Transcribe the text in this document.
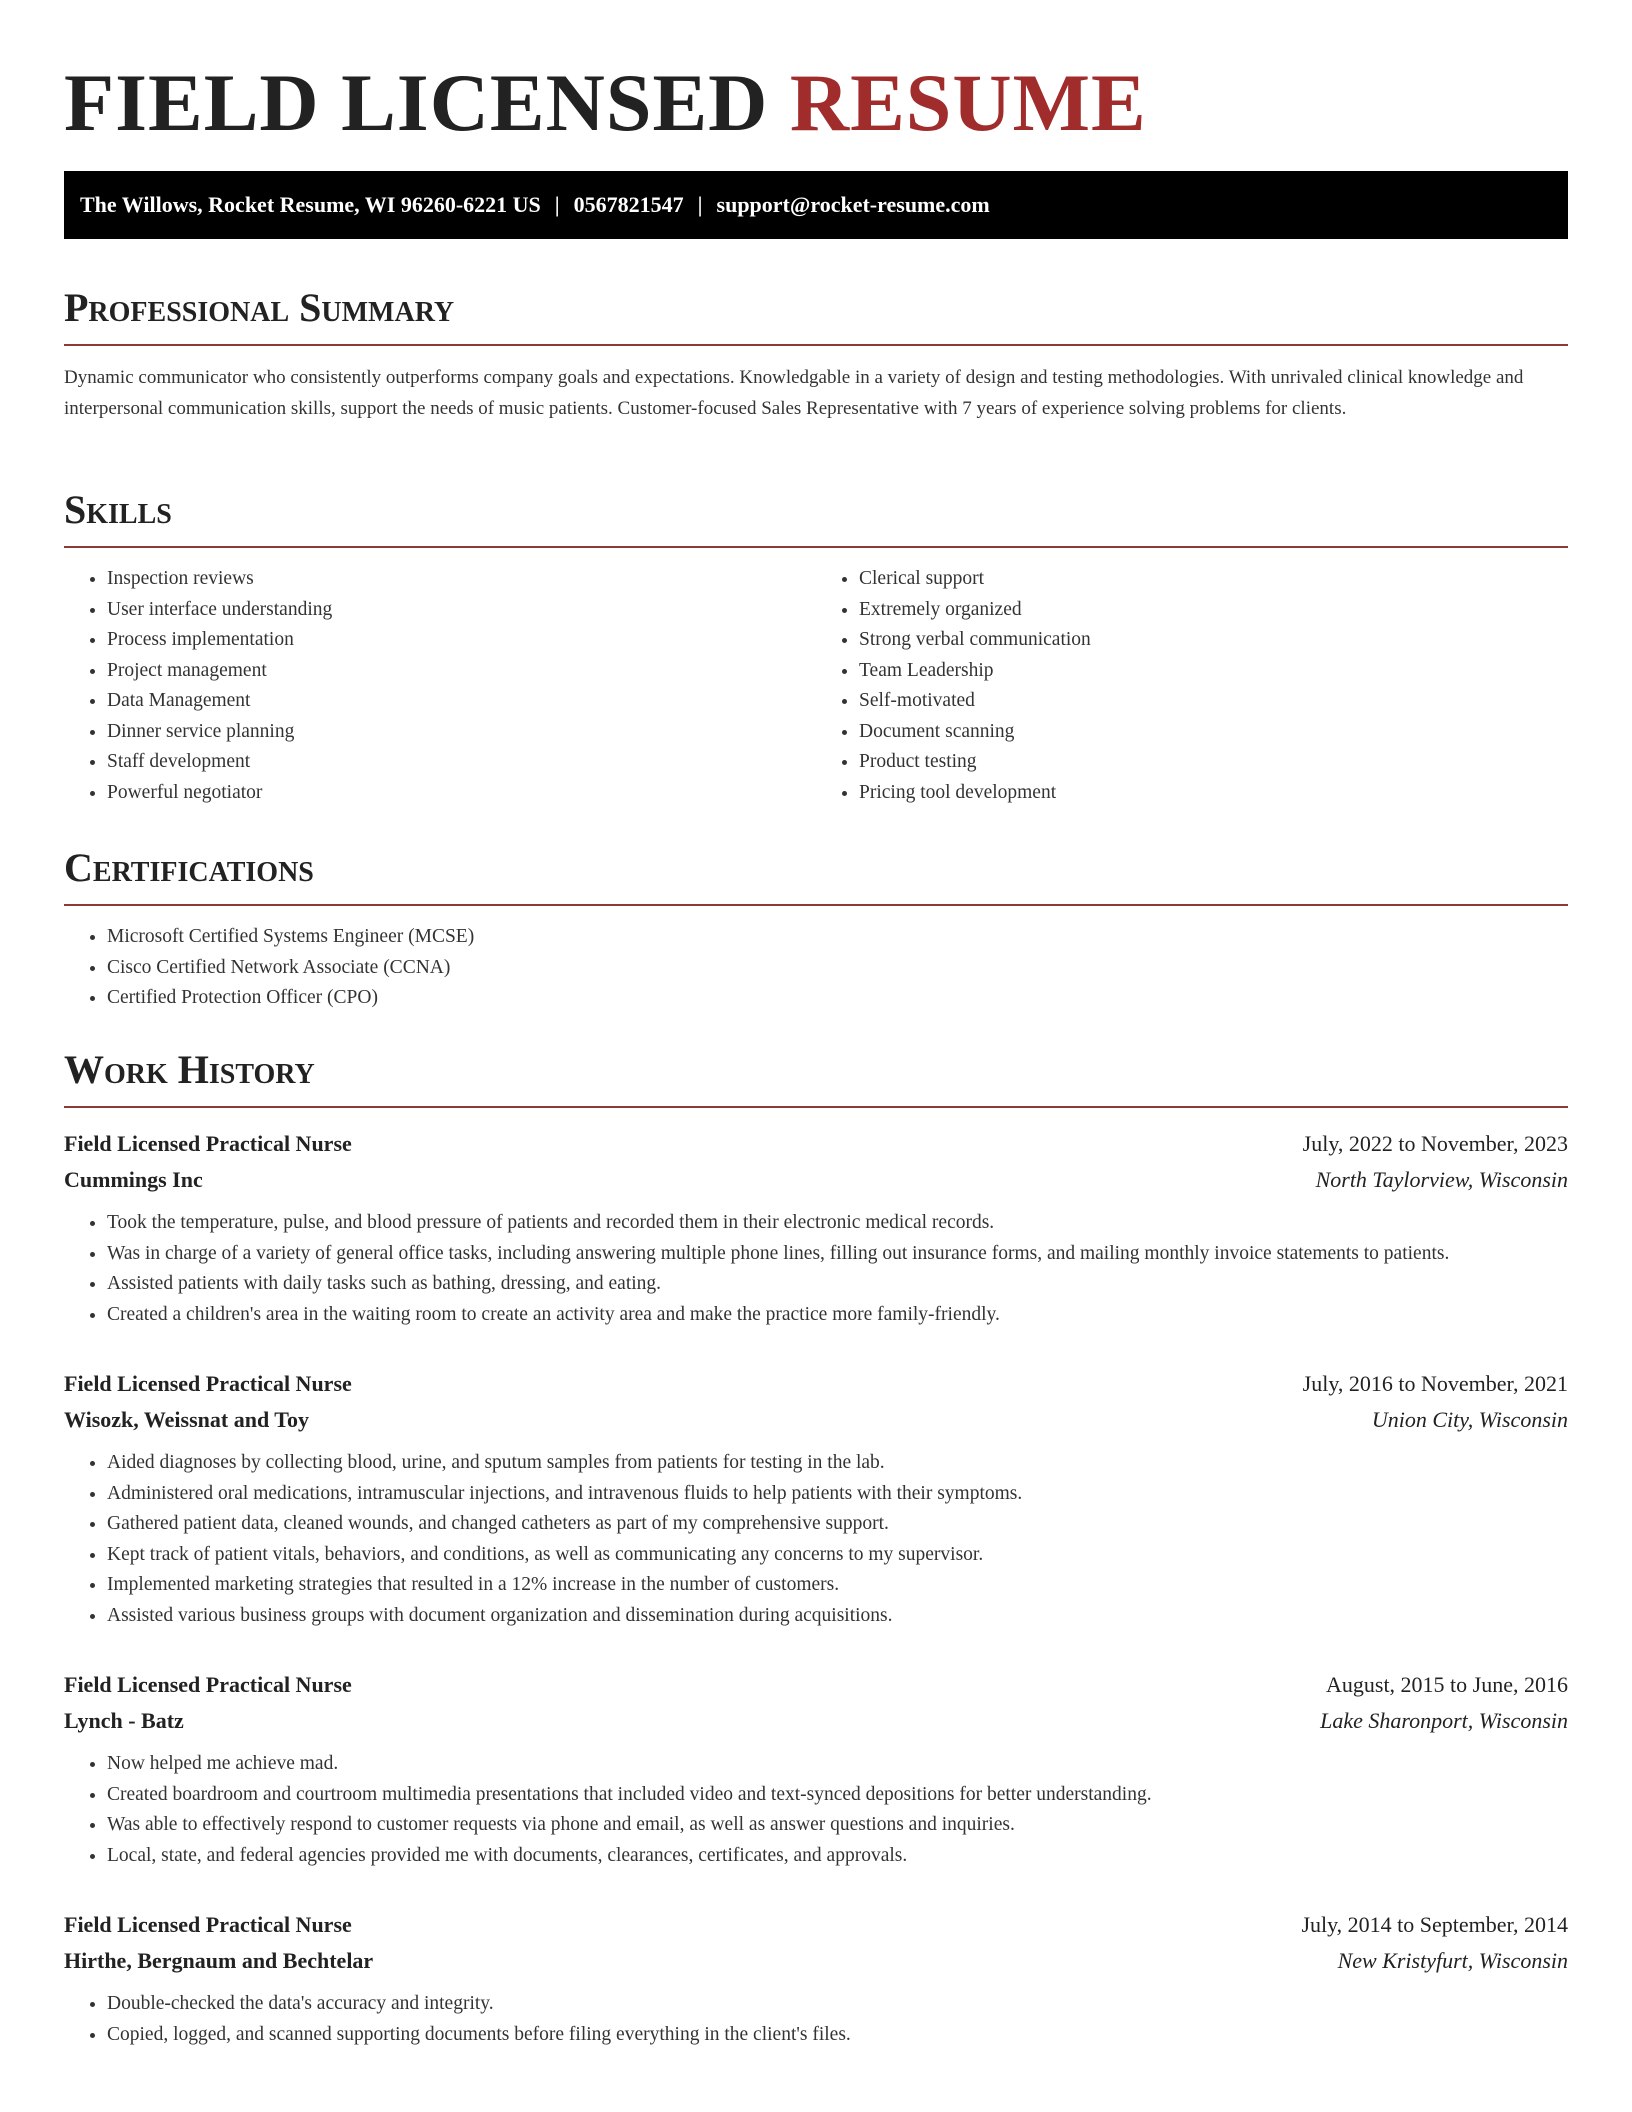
FIELD LICENSED RESUME
The Willows, Rocket Resume, WI 96260-6221 US | 0567821547 | support@rocket-resume.com
Professional Summary

Dynamic communicator who consistently outperforms company goals and expectations. Knowledgable in a variety of design and testing methodologies. With unrivaled clinical knowledge and interpersonal communication skills, support the needs of music patients. Customer-focused Sales Representative with 7 years of experience solving problems for clients.

Skills
• Inspection reviews
• User interface understanding
• Process implementation
• Project management
• Data Management
• Dinner service planning
• Staff development
• Powerful negotiator
• Clerical support
• Extremely organized
• Strong verbal communication
• Team Leadership
• Self-motivated
• Document scanning
• Product testing
• Pricing tool development
Certifications
• Microsoft Certified Systems Engineer (MCSE)
• Cisco Certified Network Associate (CCNA)
• Certified Protection Officer (CPO)
Work History
Field Licensed Practical Nurse	July, 2022 to November, 2023
Cummings Inc	North Taylorview, Wisconsin
• Took the temperature, pulse, and blood pressure of patients and recorded them in their electronic medical records.
• Was in charge of a variety of general office tasks, including answering multiple phone lines, filling out insurance forms, and mailing monthly invoice statements to patients.
• Assisted patients with daily tasks such as bathing, dressing, and eating.
• Created a children's area in the waiting room to create an activity area and make the practice more family-friendly.
Field Licensed Practical Nurse	July, 2016 to November, 2021
Wisozk, Weissnat and Toy	Union City, Wisconsin
• Aided diagnoses by collecting blood, urine, and sputum samples from patients for testing in the lab.
• Administered oral medications, intramuscular injections, and intravenous fluids to help patients with their symptoms.
• Gathered patient data, cleaned wounds, and changed catheters as part of my comprehensive support.
• Kept track of patient vitals, behaviors, and conditions, as well as communicating any concerns to my supervisor.
• Implemented marketing strategies that resulted in a 12% increase in the number of customers.
• Assisted various business groups with document organization and dissemination during acquisitions.
Field Licensed Practical Nurse	August, 2015 to June, 2016
Lynch - Batz	Lake Sharonport, Wisconsin
• Now helped me achieve mad.
• Created boardroom and courtroom multimedia presentations that included video and text-synced depositions for better understanding.
• Was able to effectively respond to customer requests via phone and email, as well as answer questions and inquiries.
• Local, state, and federal agencies provided me with documents, clearances, certificates, and approvals.
Field Licensed Practical Nurse	July, 2014 to September, 2014
Hirthe, Bergnaum and Bechtelar	New Kristyfurt, Wisconsin
• Double-checked the data's accuracy and integrity.
• Copied, logged, and scanned supporting documents before filing everything in the client's files.
